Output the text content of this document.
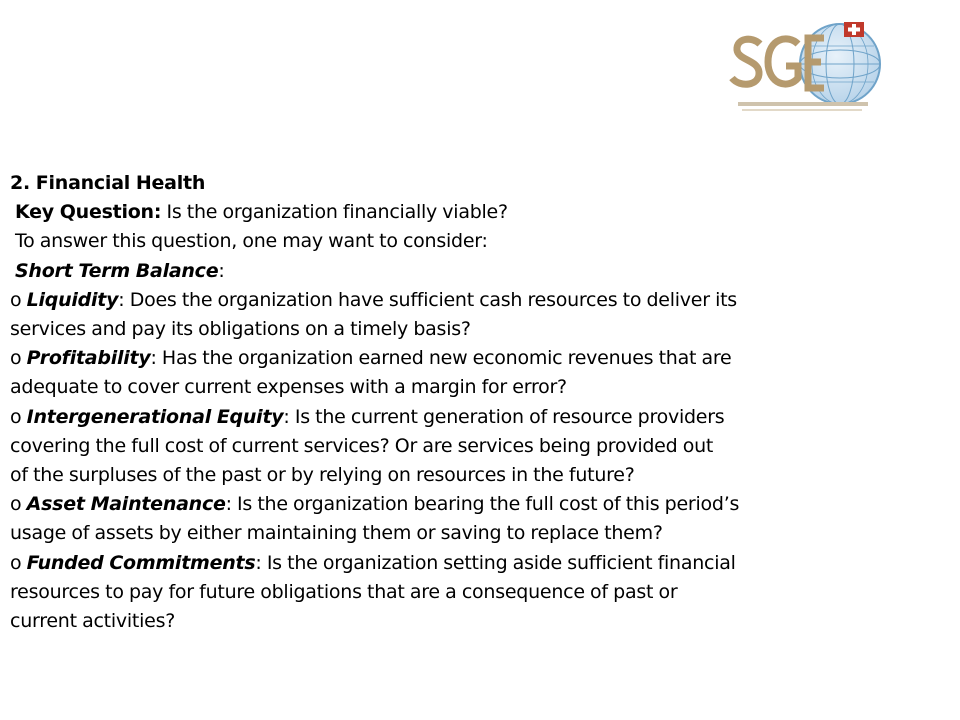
2. Financial Health

Key Question: Is the organization financially viable?

To answer this question, one may want to consider:

Short Term Balance:

o Liquidity: Does the organization have sufficient cash resources to deliver its

services and pay its obligations on a timely basis?

o Profitability: Has the organization earned new economic revenues that are

adequate to cover current expenses with a margin for error?

o Intergenerational Equity: Is the current generation of resource providers

covering the full cost of current services? Or are services being provided out

of the surpluses of the past or by relying on resources in the future?

o Asset Maintenance: Is the organization bearing the full cost of this period’s

usage of assets by either maintaining them or saving to replace them?

o Funded Commitments: Is the organization setting aside sufficient financial

resources to pay for future obligations that are a consequence of past or

current activities?
